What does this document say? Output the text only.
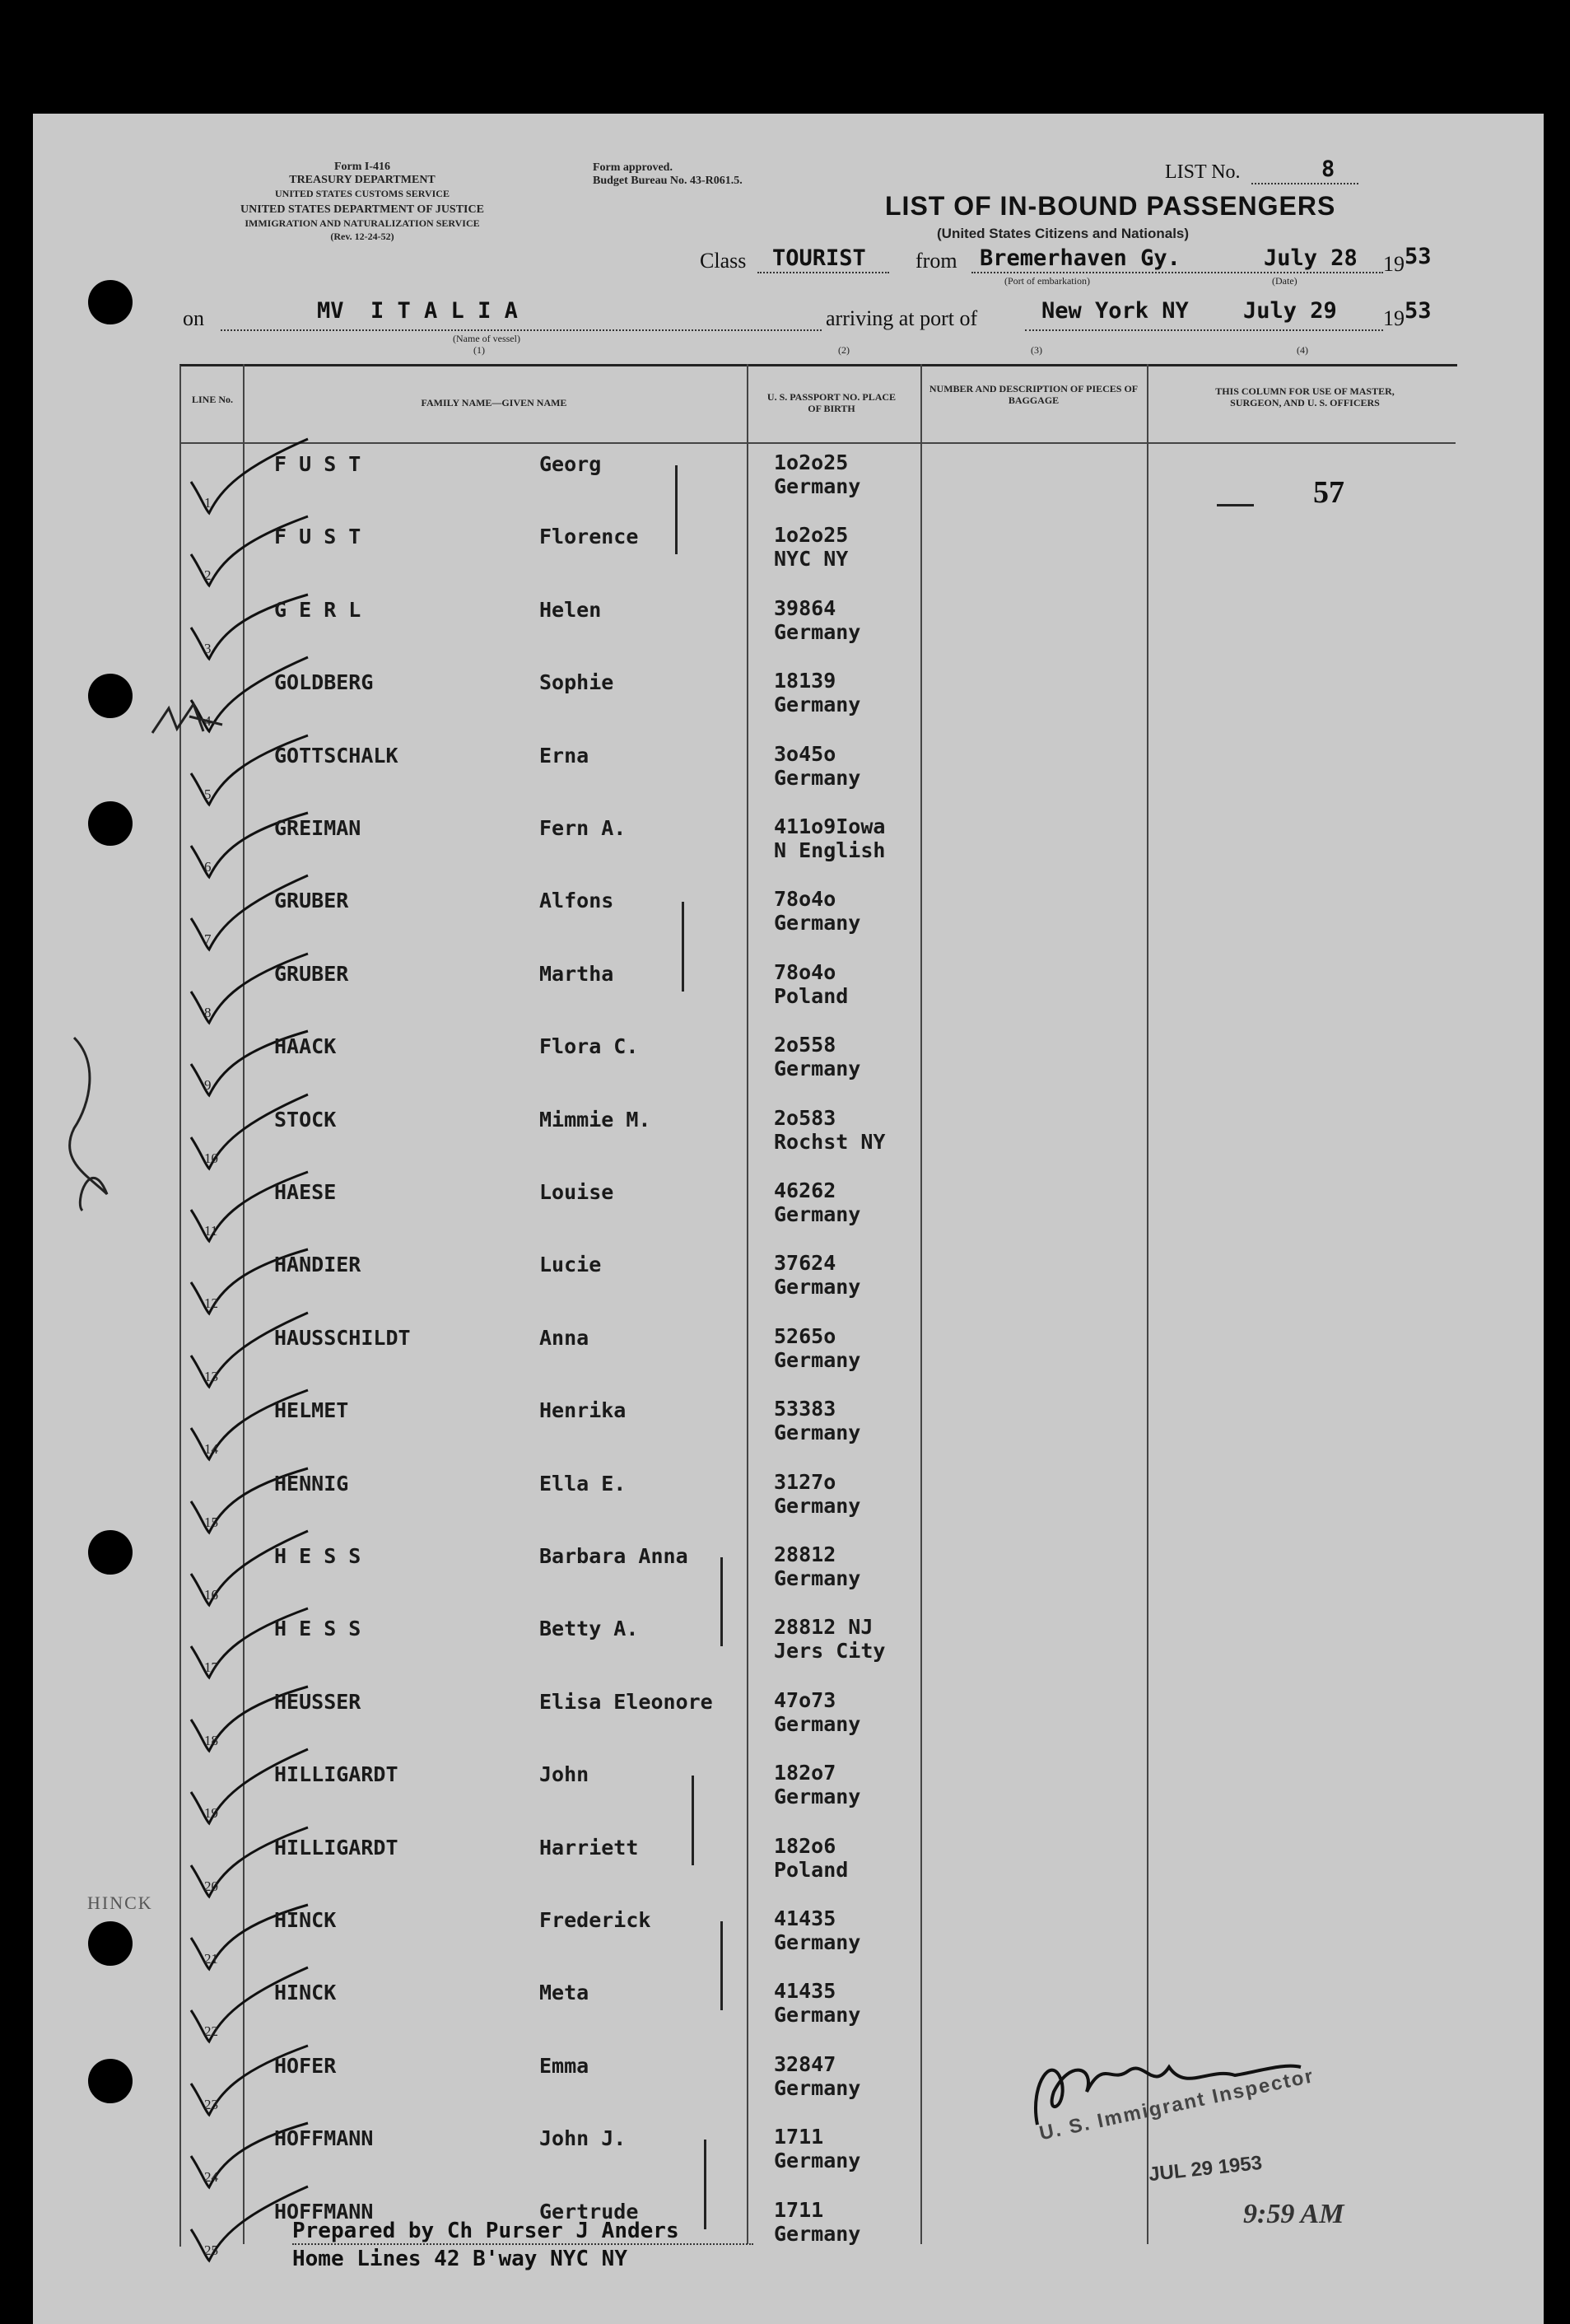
Form I-416
TREASURY DEPARTMENT
UNITED STATES CUSTOMS SERVICE
UNITED STATES DEPARTMENT OF JUSTICE
IMMIGRATION AND NATURALIZATION SERVICE
(Rev. 12-24-52)
Form approved.
Budget Bureau No. 43-R061.5.	LIST No.	8
LIST OF IN-BOUND PASSENGERS
(United States Citizens and Nationals)
Class TOURIST from Bremerhaven Gy.
(Port of embarkation)
July 28
(Date)
19 53
on	MV  I T A L I A
(Name of vessel)
(1)
arriving at port of	New York NY July 29 19 53
(2)	(3)	(4)
LINE No.	FAMILY NAME—GIVEN NAME	U. S. PASSPORT NO. PLACE OF BIRTH
NUMBER AND DESCRIPTION OF PIECES OF BAGGAGE
THIS COLUMN FOR USE OF MASTER, SURGEON, AND U. S. OFFICERS
57
1
F U S T	Georg	1o2o25
Germany
2
F U S T	Florence	1o2o25
NYC NY
3
G E R L	Helen	39864
Germany
4
GOLDBERG	Sophie	18139
Germany
5
GOTTSCHALK	Erna	3o45o
Germany
6
GREIMAN	Fern A.	411o9Iowa
N English
7
GRUBER	Alfons	78o4o
Germany
8
GRUBER	Martha	78o4o
Poland
9
HAACK	Flora C.	2o558
Germany
10
STOCK	Mimmie M.	2o583
Rochst NY
11
HAESE	Louise	46262
Germany
12
HANDIER	Lucie	37624
Germany
13
HAUSSCHILDT	Anna	5265o
Germany
14
HELMET	Henrika	53383
Germany
15
HENNIG	Ella E.	3127o
Germany
16
H E S S	Barbara Anna	28812
Germany
17
H E S S	Betty A.	28812 NJ
Jers City
18
HEUSSER	Elisa Eleonore	47o73
Germany
19
HILLIGARDT	John	182o7
Germany
20
HILLIGARDT	Harriett	182o6
Poland
21
HINCK	Frederick	41435
Germany
22
HINCK	Meta	41435
Germany
23
HOFER	Emma	32847
Germany
24
HOFFMANN	John J.	1711
Germany
25
HOFFMANN	Gertrude	1711
Germany
HINCK
Prepared by Ch Purser J Anders
Home Lines 42 B'way NYC NY
U. S. Immigrant Inspector
JUL 29 1953
9:59 AM
